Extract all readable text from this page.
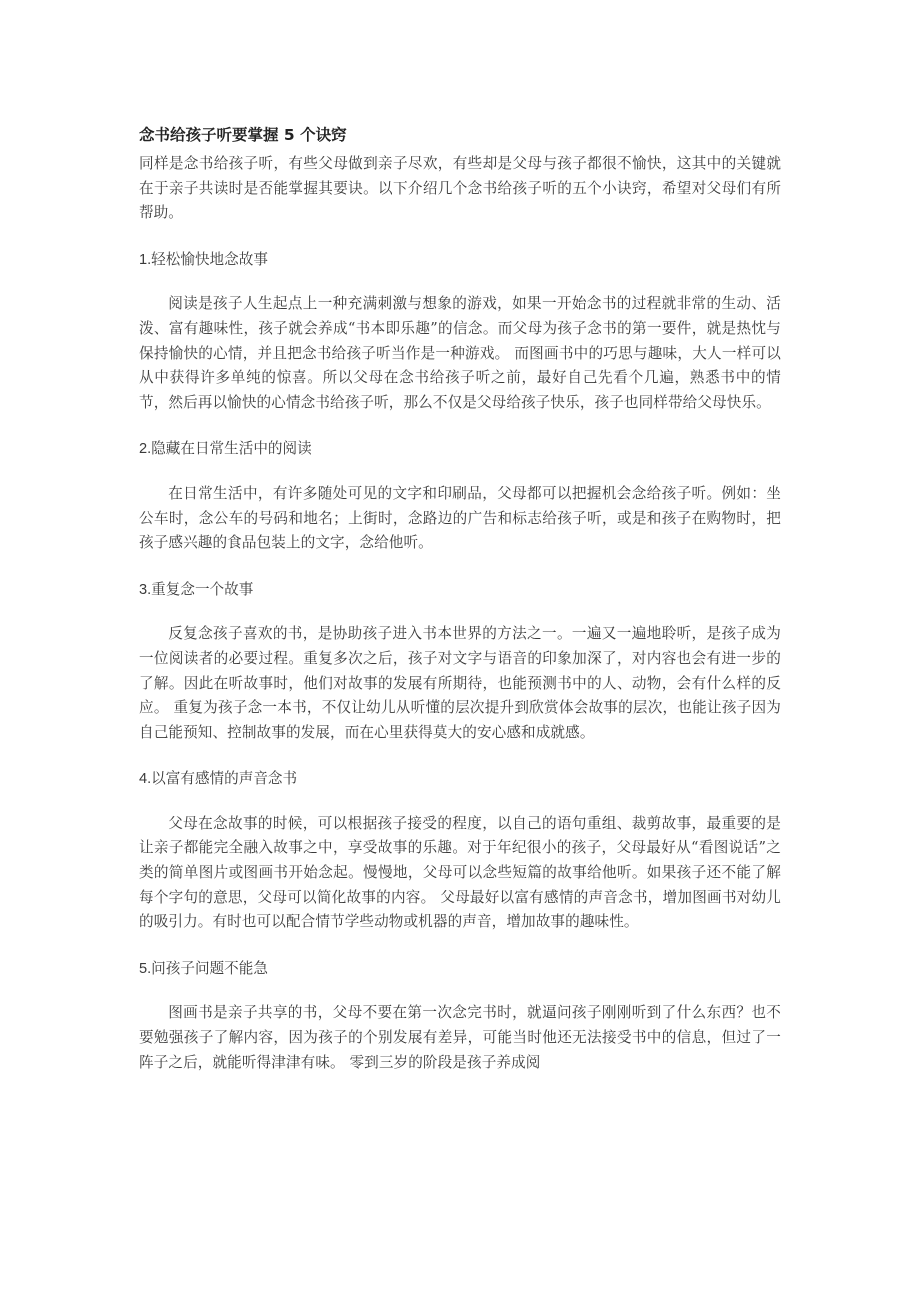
念书给孩子听要掌握 5 个诀窍

同样是念书给孩子听，有些父母做到亲子尽欢，有些却是父母与孩子都很不愉快，这其中的关键就在于亲子共读时是否能掌握其要诀。以下介绍几个念书给孩子听的五个小诀窍，希望对父母们有所帮助。

1.轻松愉快地念故事

阅读是孩子人生起点上一种充满刺激与想象的游戏，如果一开始念书的过程就非常的生动、活泼、富有趣味性，孩子就会养成“书本即乐趣”的信念。而父母为孩子念书的第一要件，就是热忱与保持愉快的心情，并且把念书给孩子听当作是一种游戏。 而图画书中的巧思与趣味，大人一样可以从中获得许多单纯的惊喜。所以父母在念书给孩子听之前，最好自己先看个几遍，熟悉书中的情节，然后再以愉快的心情念书给孩子听，那么不仅是父母给孩子快乐，孩子也同样带给父母快乐。

2.隐藏在日常生活中的阅读

在日常生活中，有许多随处可见的文字和印刷品，父母都可以把握机会念给孩子听。例如：坐公车时，念公车的号码和地名；上街时，念路边的广告和标志给孩子听，或是和孩子在购物时，把孩子感兴趣的食品包装上的文字，念给他听。

3.重复念一个故事

反复念孩子喜欢的书，是协助孩子进入书本世界的方法之一。一遍又一遍地聆听，是孩子成为一位阅读者的必要过程。重复多次之后，孩子对文字与语音的印象加深了，对内容也会有进一步的了解。因此在听故事时，他们对故事的发展有所期待，也能预测书中的人、动物，会有什么样的反应。 重复为孩子念一本书，不仅让幼儿从听懂的层次提升到欣赏体会故事的层次，也能让孩子因为自己能预知、控制故事的发展，而在心里获得莫大的安心感和成就感。

4.以富有感情的声音念书

父母在念故事的时候，可以根据孩子接受的程度，以自己的语句重组、裁剪故事，最重要的是让亲子都能完全融入故事之中，享受故事的乐趣。对于年纪很小的孩子，父母最好从“看图说话”之类的简单图片或图画书开始念起。慢慢地，父母可以念些短篇的故事给他听。如果孩子还不能了解每个字句的意思，父母可以简化故事的内容。 父母最好以富有感情的声音念书，增加图画书对幼儿的吸引力。有时也可以配合情节学些动物或机器的声音，增加故事的趣味性。

5.问孩子问题不能急

图画书是亲子共享的书，父母不要在第一次念完书时，就逼问孩子刚刚听到了什么东西？也不要勉强孩子了解内容，因为孩子的个别发展有差异，可能当时他还无法接受书中的信息，但过了一阵子之后，就能听得津津有味。 零到三岁的阶段是孩子养成阅
